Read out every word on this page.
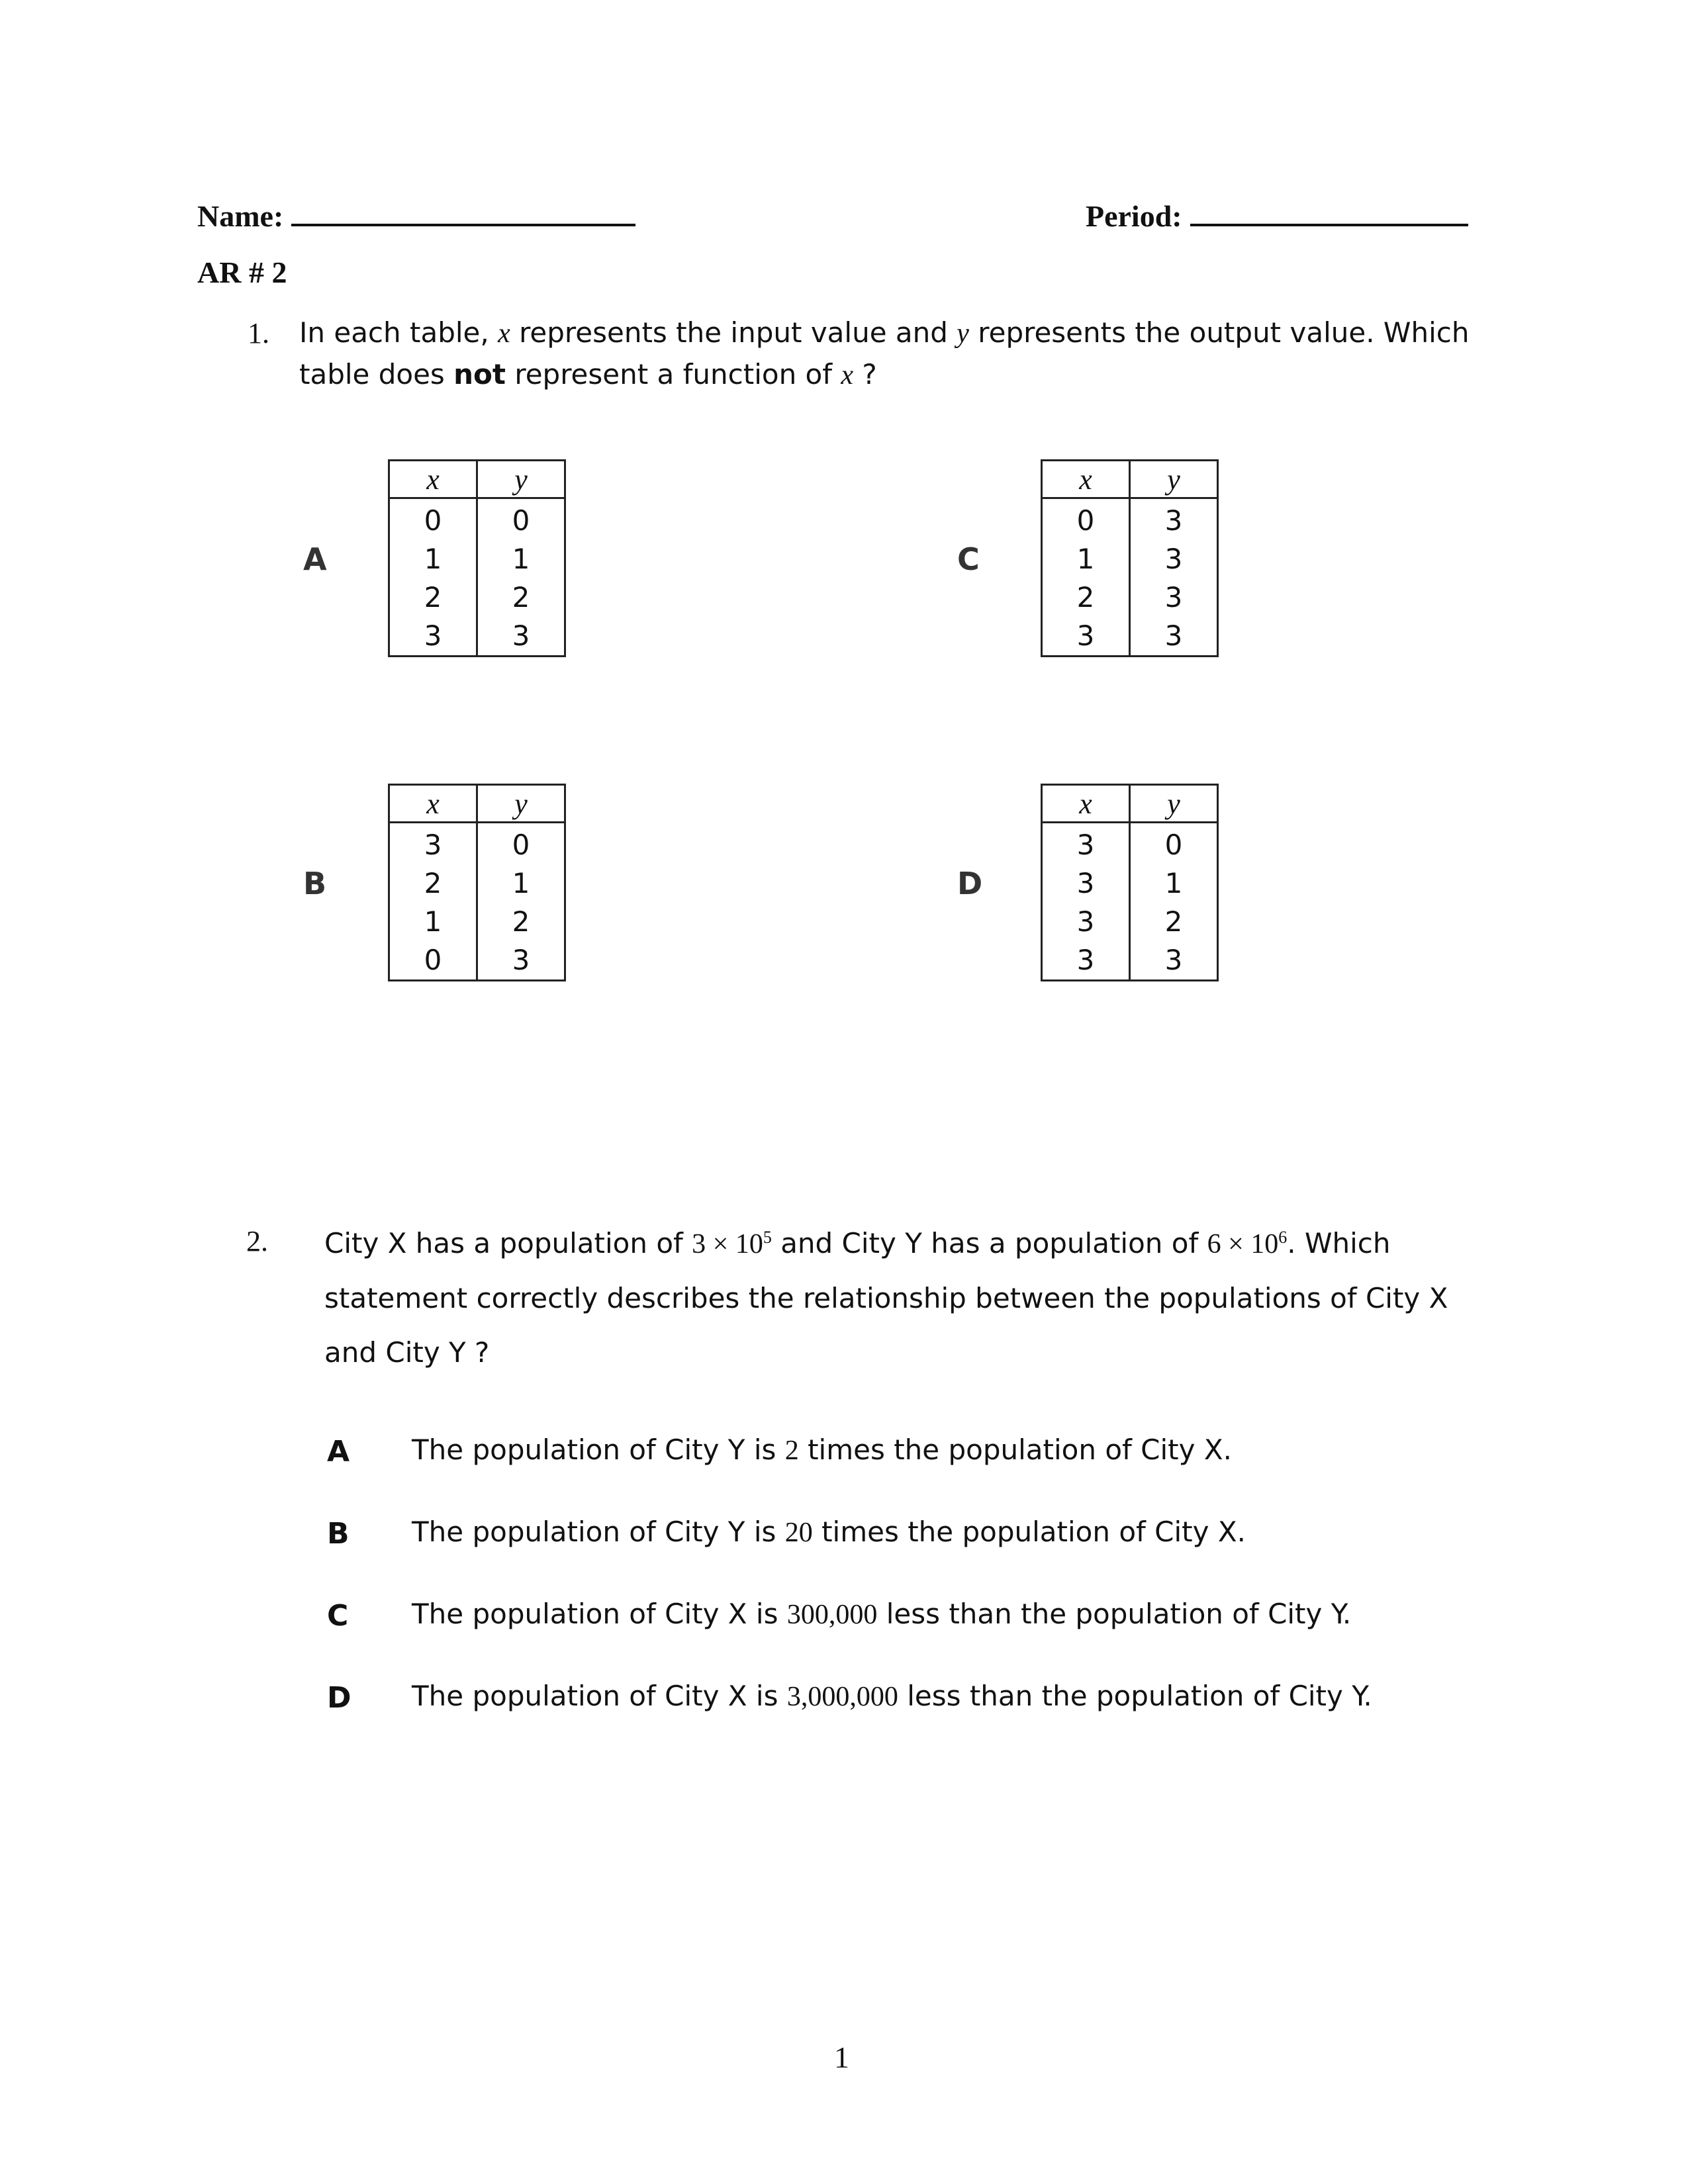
Name:	Period:
AR # 2
1. In each table, x represents the input value and y represents the output value. Which
table does not represent a function of x ?
A
x	y
0	0
1	1
2	2
3	3
C
x	y
0	3
1	3
2	3
3	3
B
x	y
3	0
2	1
1	2
0	3
D
x	y
3	0
3	1
3	2
3	3
2. City X has a population of $3 \times 10^5$ and City Y has a population of $6 \times 10^6$. Which
statement correctly describes the relationship between the populations of City X
and City Y ?
A The population of City Y is 2 times the population of City X.
B The population of City Y is 20 times the population of City X.
C The population of City X is 300,000 less than the population of City Y.
D The population of City X is 3,000,000 less than the population of City Y.
1
